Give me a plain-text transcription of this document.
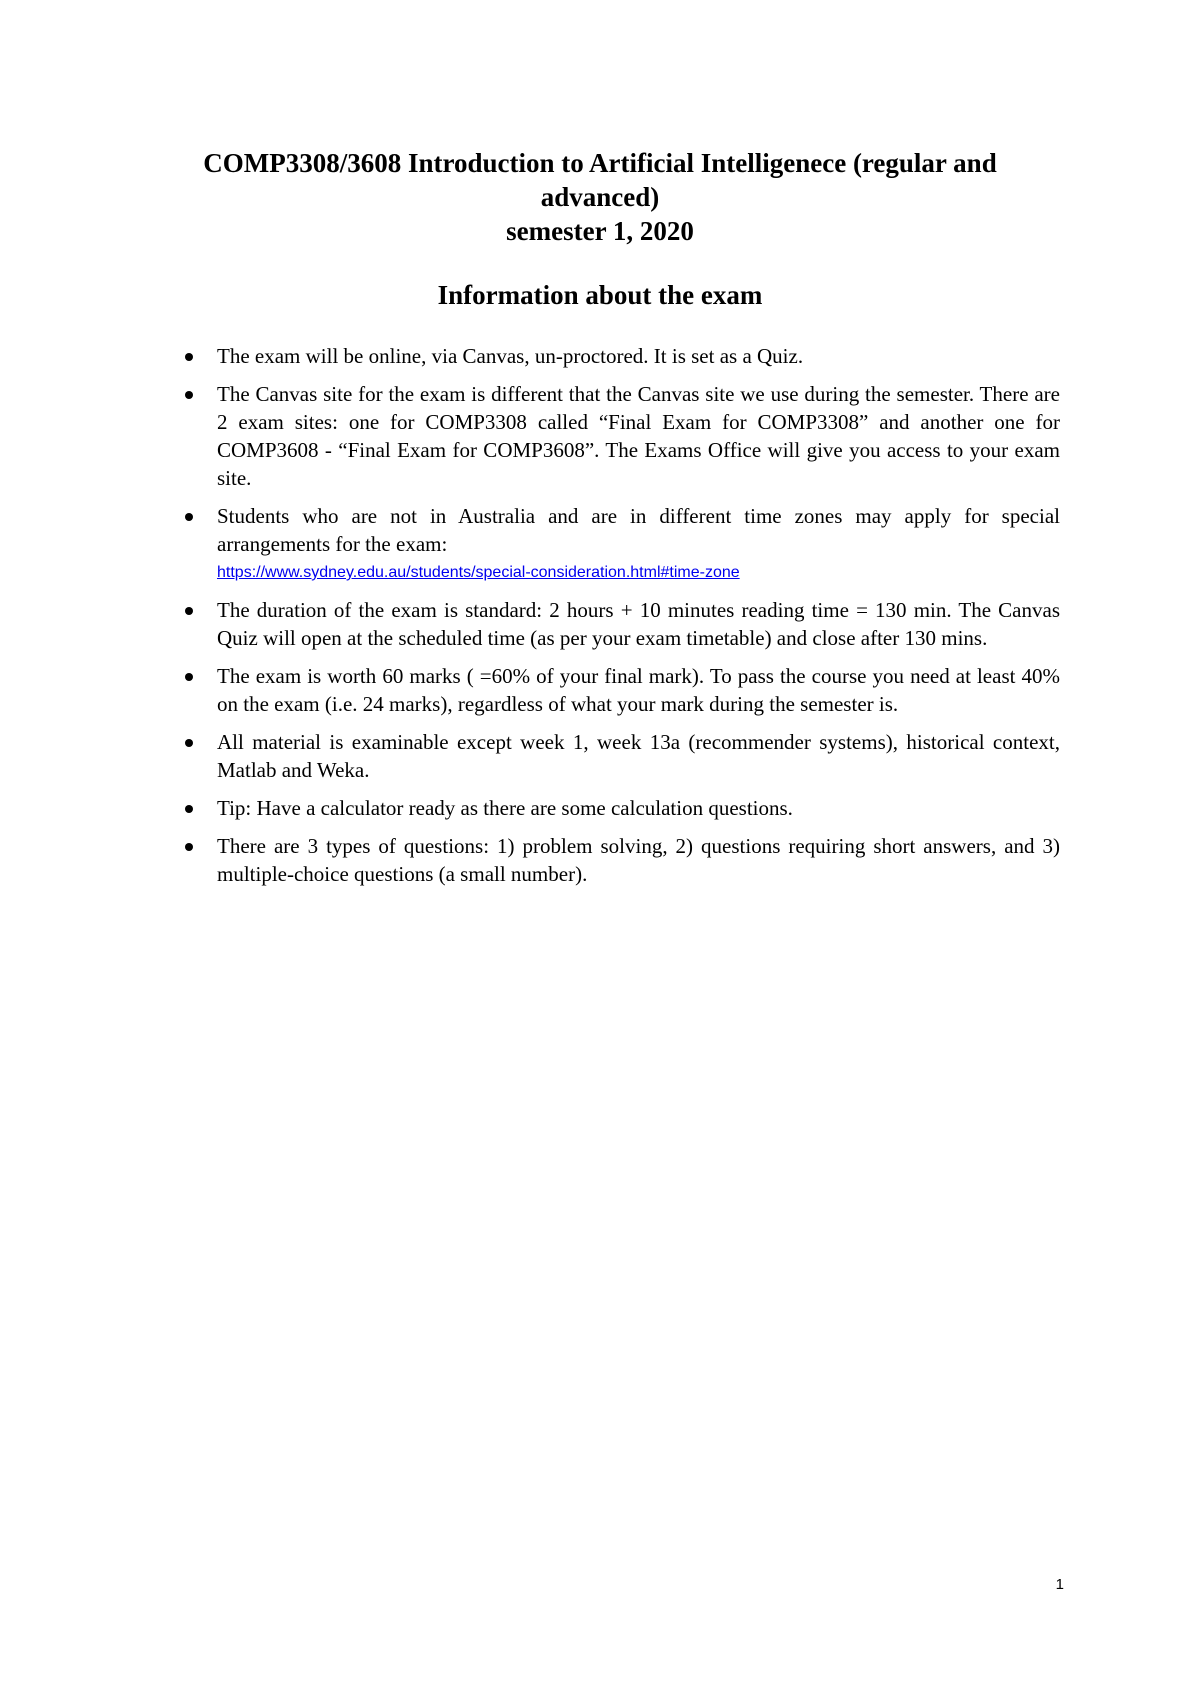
COMP3308/3608 Introduction to Artificial Intelligenece (regular and advanced)
semester 1, 2020
Information about the exam
The exam will be online, via Canvas, un-proctored. It is set as a Quiz.
The Canvas site for the exam is different that the Canvas site we use during the semester. There are 2 exam sites: one for COMP3308 called “Final Exam for COMP3308” and another one for COMP3608 - “Final Exam for COMP3608”. The Exams Office will give you access to your exam site.
Students who are not in Australia and are in different time zones may apply for special arrangements for the exam:
https://www.sydney.edu.au/students/special-consideration.html#time-zone
The duration of the exam is standard: 2 hours + 10 minutes reading time = 130 min. The Canvas Quiz will open at the scheduled time (as per your exam timetable) and close after 130 mins.
The exam is worth 60 marks ( =60% of your final mark). To pass the course you need at least 40% on the exam (i.e. 24 marks), regardless of what your mark during the semester is.
All material is examinable except week 1, week 13a (recommender systems), historical context, Matlab and Weka.
Tip: Have a calculator ready as there are some calculation questions.
There are 3 types of questions: 1) problem solving, 2) questions requiring short answers, and 3) multiple-choice questions (a small number).
1
